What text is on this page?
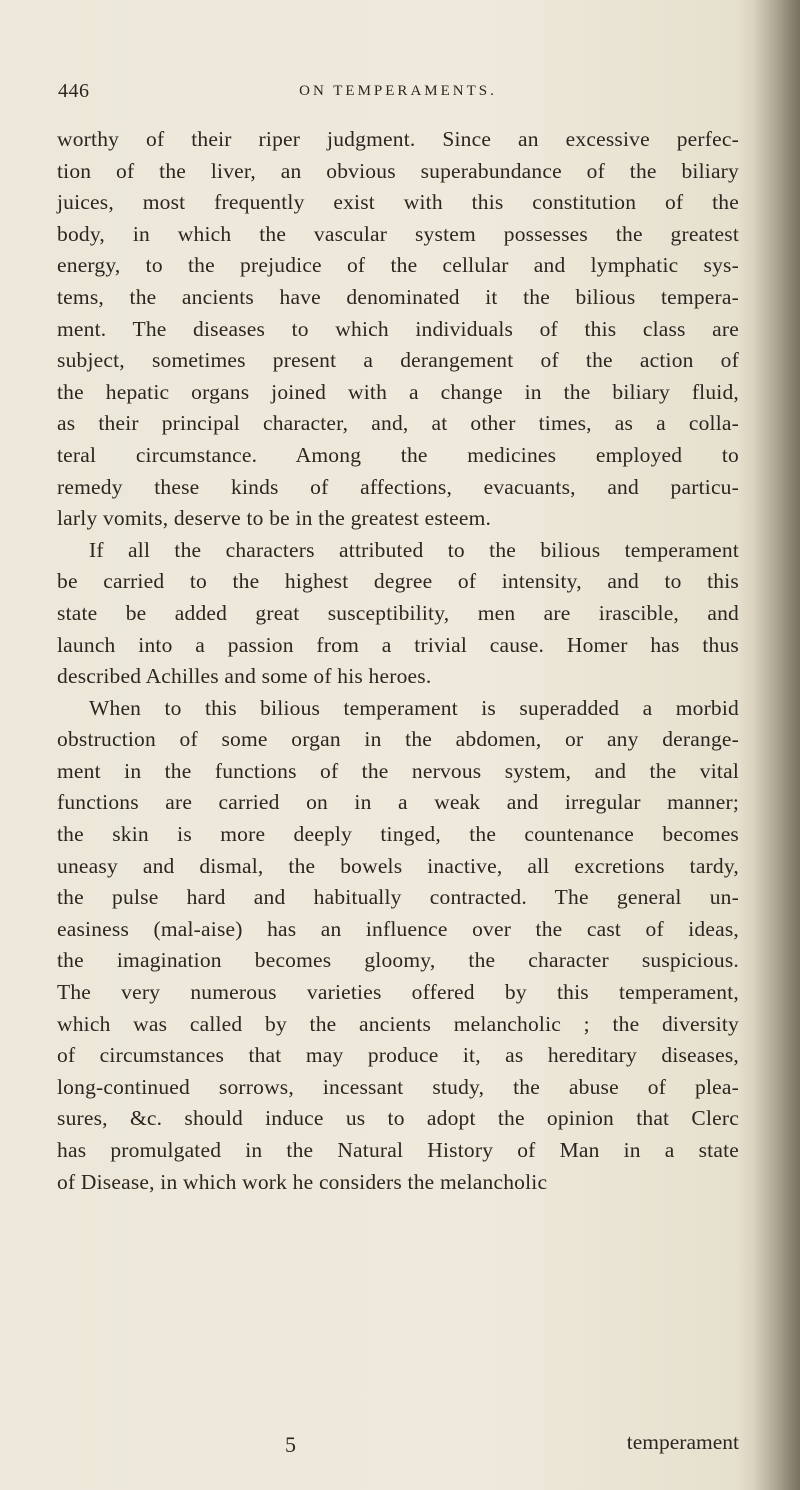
446	ON TEMPERAMENTS.
worthy of their riper judgment. Since an excessive perfec-
tion of the liver, an obvious superabundance of the biliary
juices, most frequently exist with this constitution of the
body, in which the vascular system possesses the greatest
energy, to the prejudice of the cellular and lymphatic sys-
tems, the ancients have denominated it the bilious tempera-
ment. The diseases to which individuals of this class are
subject, sometimes present a derangement of the action of
the hepatic organs joined with a change in the biliary fluid,
as their principal character, and, at other times, as a colla-
teral circumstance. Among the medicines employed to
remedy these kinds of affections, evacuants, and particu-
larly vomits, deserve to be in the greatest esteem.
If all the characters attributed to the bilious temperament
be carried to the highest degree of intensity, and to this
state be added great susceptibility, men are irascible, and
launch into a passion from a trivial cause. Homer has thus
described Achilles and some of his heroes.
When to this bilious temperament is superadded a morbid
obstruction of some organ in the abdomen, or any derange-
ment in the functions of the nervous system, and the vital
functions are carried on in a weak and irregular manner;
the skin is more deeply tinged, the countenance becomes
uneasy and dismal, the bowels inactive, all excretions tardy,
the pulse hard and habitually contracted. The general un-
easiness (mal-aise) has an influence over the cast of ideas,
the imagination becomes gloomy, the character suspicious.
The very numerous varieties offered by this temperament,
which was called by the ancients melancholic ; the diversity
of circumstances that may produce it, as hereditary diseases,
long-continued sorrows, incessant study, the abuse of plea-
sures, &c. should induce us to adopt the opinion that Clerc
has promulgated in the Natural History of Man in a state
of Disease, in which work he considers the melancholic
5	temperament
